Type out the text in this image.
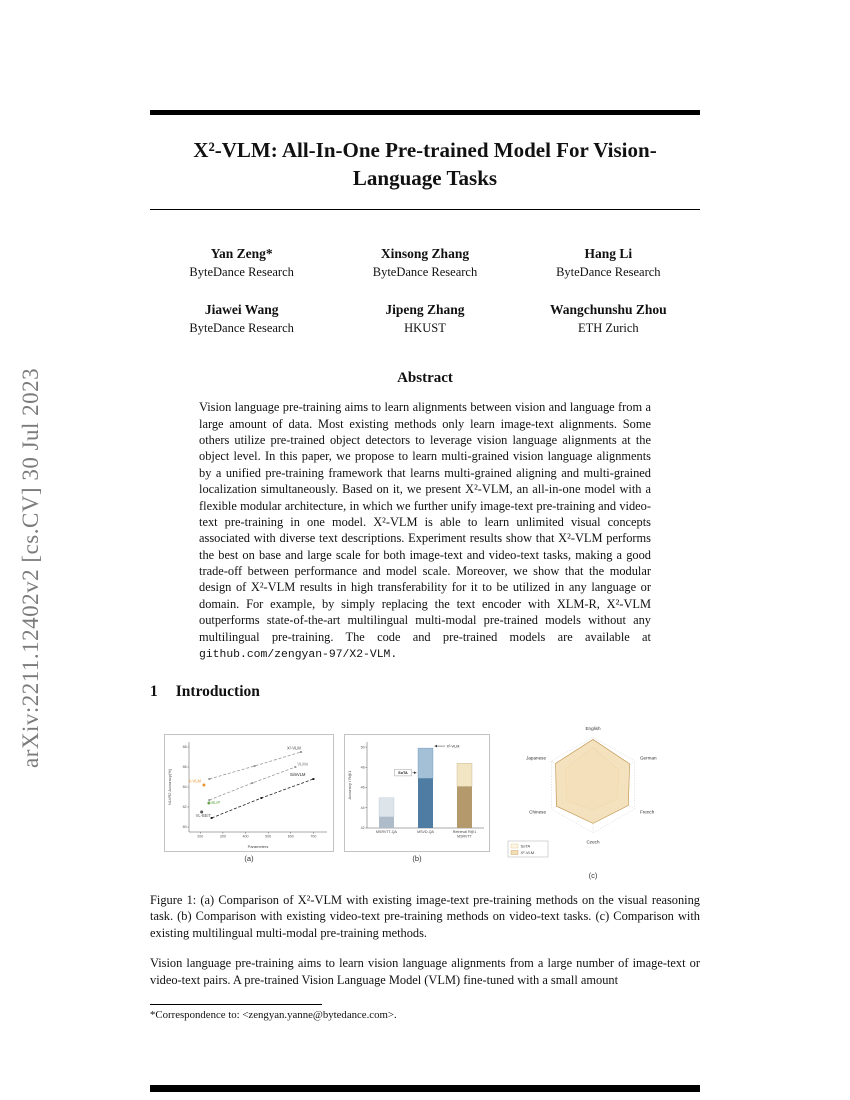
arXiv:2211.12402v2 [cs.CV] 30 Jul 2023
X²-VLM: All-In-One Pre-trained Model For Vision-Language Tasks
Yan Zeng*
ByteDance Research
Xinsong Zhang
ByteDance Research
Hang Li
ByteDance Research
Jiawei Wang
ByteDance Research
Jipeng Zhang
HKUST
Wangchunshu Zhou
ETH Zurich
Abstract

Vision language pre-training aims to learn alignments between vision and language from a large amount of data. Most existing methods only learn image-text alignments. Some others utilize pre-trained object detectors to leverage vision language alignments at the object level. In this paper, we propose to learn multi-grained vision language alignments by a unified pre-training framework that learns multi-grained aligning and multi-grained localization simultaneously. Based on it, we present X²-VLM, an all-in-one model with a flexible modular architecture, in which we further unify image-text pre-training and video-text pre-training in one model. X²-VLM is able to learn unlimited visual concepts associated with diverse text descriptions. Experiment results show that X²-VLM performs the best on base and large scale for both image-text and video-text tasks, making a good trade-off between performance and model scale. Moreover, we show that the modular design of X²-VLM results in high transferability for it to be utilized in any language or domain. For example, by simply replacing the text encoder with XLM-R, X²-VLM outperforms state-of-the-art multilingual multi-modal pre-trained models without any multilingual pre-training. The code and pre-trained models are available at github.com/zengyan-97/X2-VLM.

1 Introduction
200	300	400	500	600	700
80
82
84
86
88
Parameters
NLVR2 Accuracy(%)
X²-VLM
VLMo
SimVLM
X-VLM
BLIP
VL-BEiT
(a)
42
44
46
48
50
Accuracy / R@1
MSRVTT-QA	MSVD-QA	Retrieval R@1
MSRVTT
SoTA
X²-VLM
(b)
English
German
French
Czech
Chinese
Japanese
SoTA
X²-VLM
(c)
Figure 1: (a) Comparison of X²-VLM with existing image-text pre-training methods on the visual reasoning task. (b) Comparison with existing video-text pre-training methods on video-text tasks. (c) Comparison with existing multilingual multi-modal pre-training methods.

Vision language pre-training aims to learn vision language alignments from a large number of image-text or video-text pairs. A pre-trained Vision Language Model (VLM) fine-tuned with a small amount

*Correspondence to: <zengyan.yanne@bytedance.com>.
